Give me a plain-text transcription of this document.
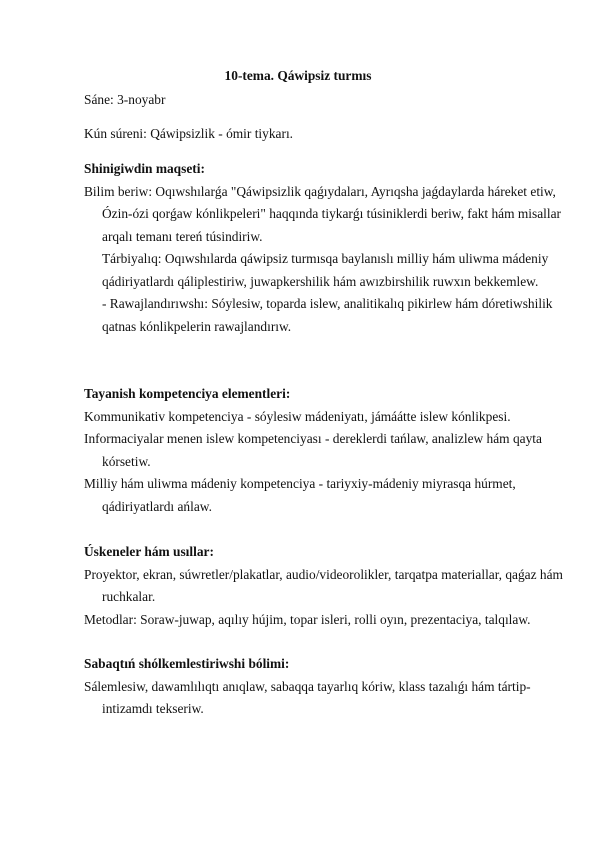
10-tema. Qáwipsiz turmıs

Sáne: 3-noyabr

Kún súreni: Qáwipsizlik - ómir tiykarı.

Shinigiwdin maqseti:

Bilim beriw: Oqıwshılarǵa "Qáwipsizlik qaǵıydaları, Ayrıqsha jaǵdaylarda háreket etiw, Ózin-ózi qorǵaw kónlikpeleri" haqqında tiykarǵı túsiniklerdi beriw, fakt hám misallar arqalı temanı tereń túsindiriw.

Tárbiyalıq: Oqıwshılarda qáwipsiz turmısqa baylanıslı milliy hám uliwma mádeniy qádiriyatlardı qáliplestiriw, juwapkershilik hám awızbirshilik ruwxın bekkemlew.

- Rawajlandırıwshı: Sóylesiw, toparda islew, analitikalıq pikirlew hám dóretiwshilik qatnas kónlikpelerin rawajlandırıw.

Tayanish kompetenciya elementleri:

Kommunikativ kompetenciya - sóylesiw mádeniyatı, jámáátte islew kónlikpesi.

Informaciyalar menen islew kompetenciyası - dereklerdi tańlaw, analizlew hám qayta kórsetiw.

Milliy hám uliwma mádeniy kompetenciya - tariyxiy-mádeniy miyrasqa húrmet, qádiriyatlardı ańlaw.

Úskeneler hám usıllar:

Proyektor, ekran, súwretler/plakatlar, audio/videorolikler, tarqatpa materiallar, qaǵaz hám ruchkalar.

Metodlar: Soraw-juwap, aqılıy hújim, topar isleri, rolli oyın, prezentaciya, talqılaw.

Sabaqtıń shólkemlestiriwshi bólimi:

Sálemlesiw, dawamlılıqtı anıqlaw, sabaqqa tayarlıq kóriw, klass tazalıǵı hám tártip-intizamdı tekseriw.
